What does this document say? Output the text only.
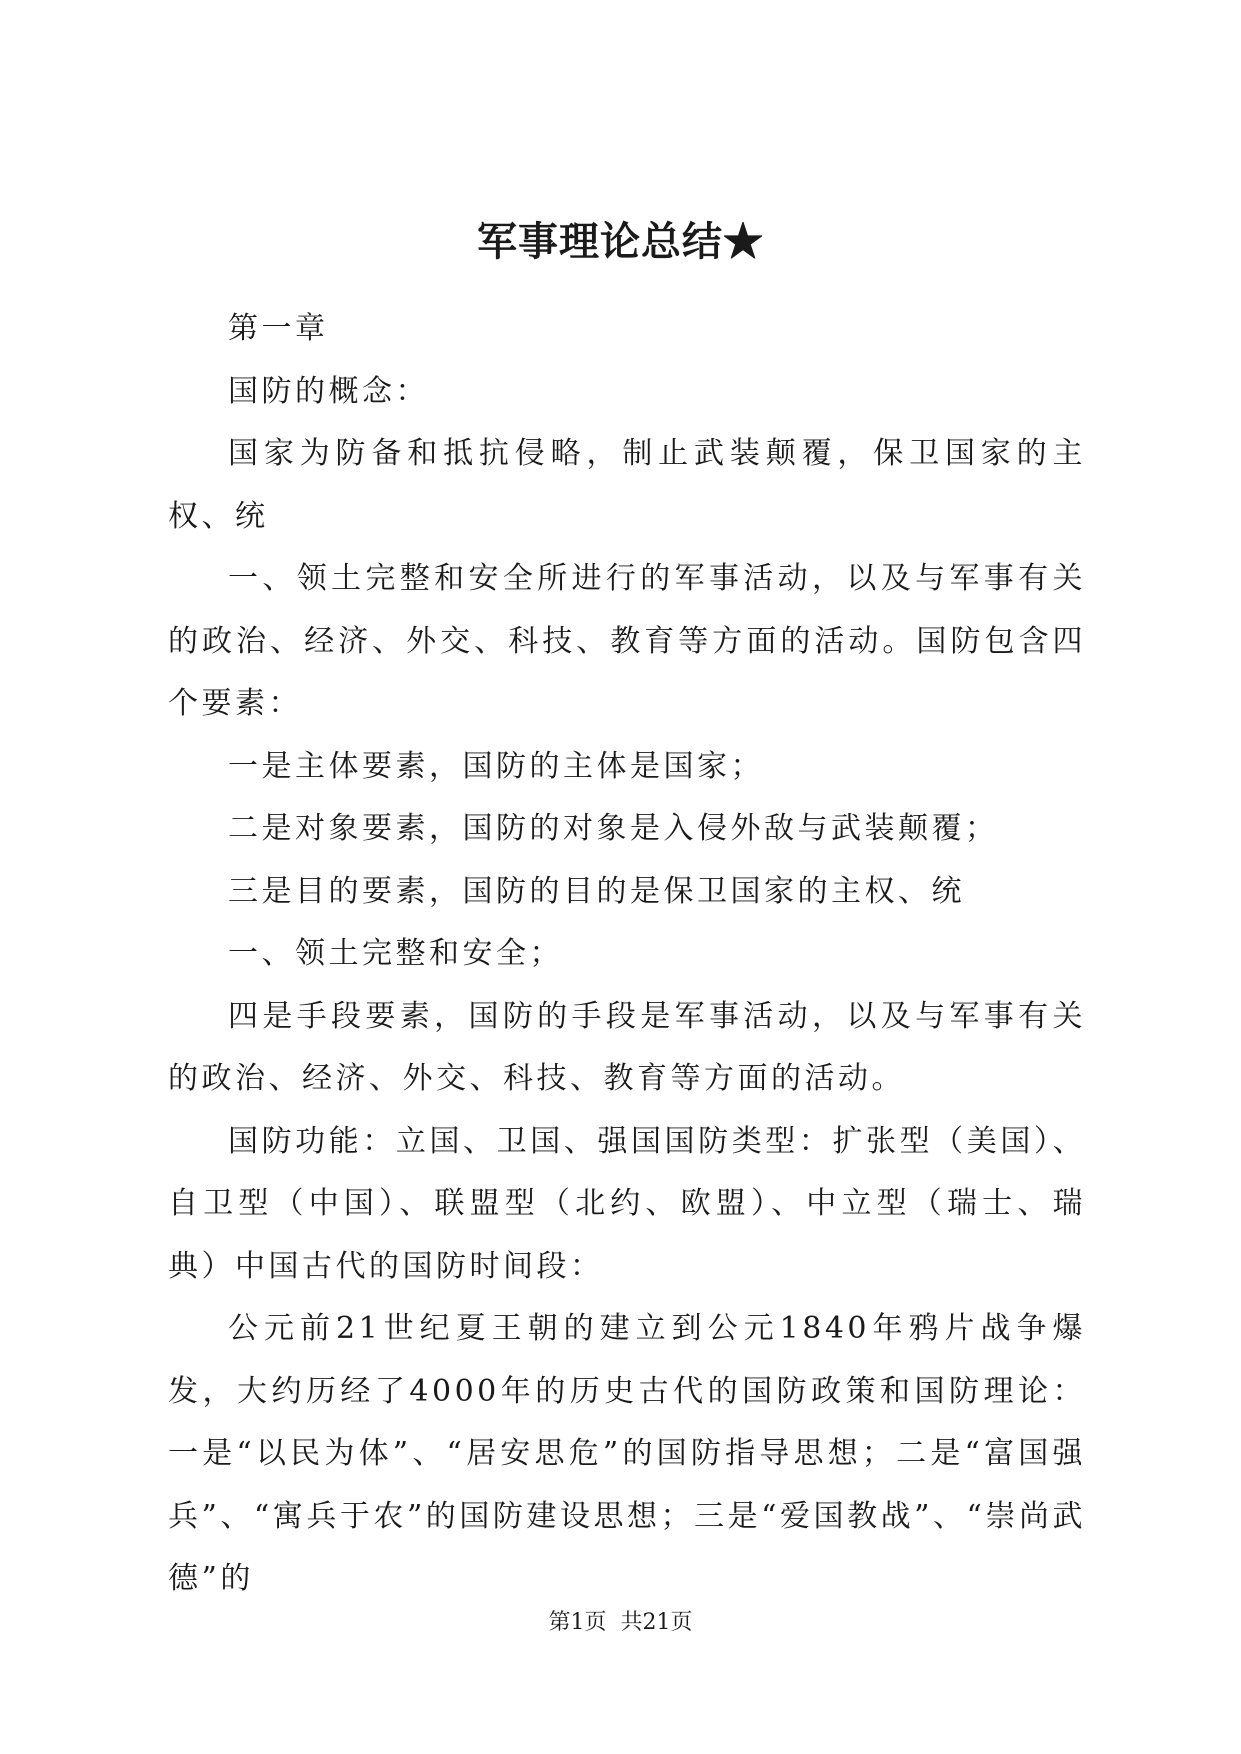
军事理论总结★

第一章

国防的概念：

国家为防备和抵抗侵略，制止武装颠覆，保卫国家的主权、统

一、领土完整和安全所进行的军事活动，以及与军事有关的政治、经济、外交、科技、教育等方面的活动。国防包含四个要素：

一是主体要素，国防的主体是国家；

二是对象要素，国防的对象是入侵外敌与武装颠覆；

三是目的要素，国防的目的是保卫国家的主权、统

一、领土完整和安全；

四是手段要素，国防的手段是军事活动，以及与军事有关的政治、经济、外交、科技、教育等方面的活动。

国防功能：立国、卫国、强国国防类型：扩张型（美国）、自卫型（中国）、联盟型（北约、欧盟）、中立型（瑞士、瑞典）中国古代的国防时间段：

公元前21世纪夏王朝的建立到公元1840年鸦片战争爆发，大约历经了4000年的历史古代的国防政策和国防理论：一是“以民为体”、“居安思危”的国防指导思想；二是“富国强兵”、“寓兵于农”的国防建设思想；三是“爱国教战”、“崇尚武德”的

第1页 共21页
